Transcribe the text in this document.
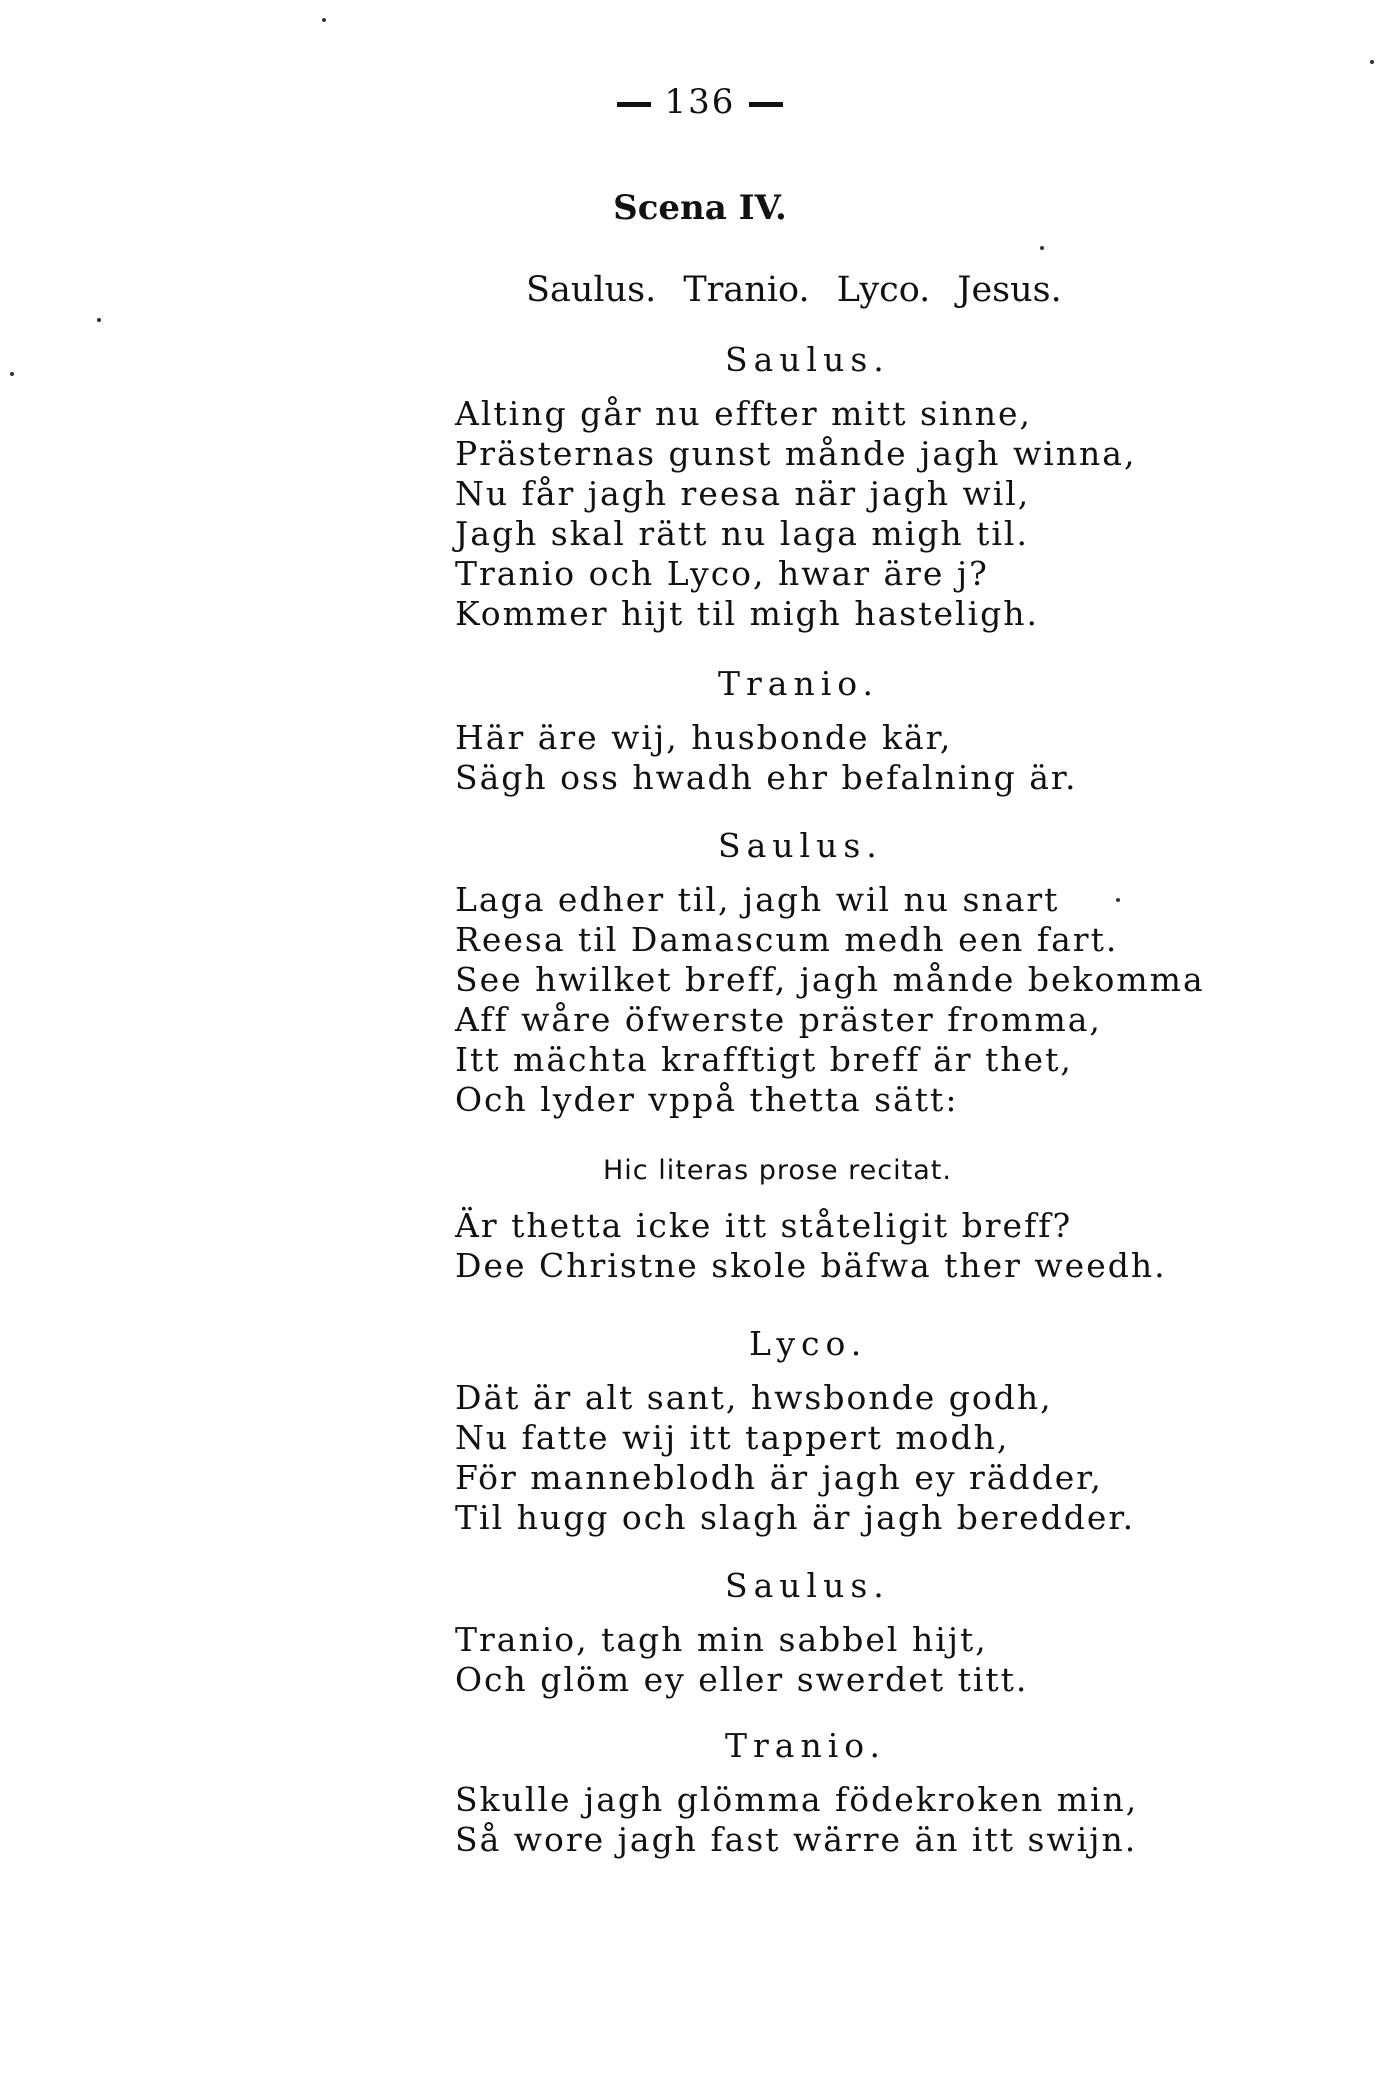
136
Scena IV.
Saulus. Tranio. Lyco. Jesus.
Saulus.
Alting går nu effter mitt sinne,
Prästernas gunst månde jagh winna,
Nu får jagh reesa när jagh wil,
Jagh skal rätt nu laga migh til.
Tranio och Lyco, hwar äre j?
Kommer hijt til migh hasteligh.
Tranio.
Här äre wij, husbonde kär,
Sägh oss hwadh ehr befalning är.
Saulus.
Laga edher til, jagh wil nu snart
Reesa til Damascum medh een fart.
See hwilket breff, jagh månde bekomma
Aff wåre öfwerste präster fromma,
Itt mächta krafftigt breff är thet,
Och lyder vppå thetta sätt:
Hic literas prose recitat.
Är thetta icke itt ståteligit breff?
Dee Christne skole bäfwa ther weedh.
Lyco.
Dät är alt sant, hwsbonde godh,
Nu fatte wij itt tappert modh,
För manneblodh är jagh ey rädder,
Til hugg och slagh är jagh beredder.
Saulus.
Tranio, tagh min sabbel hijt,
Och glöm ey eller swerdet titt.
Tranio.
Skulle jagh glömma födekroken min,
Så wore jagh fast wärre än itt swijn.
